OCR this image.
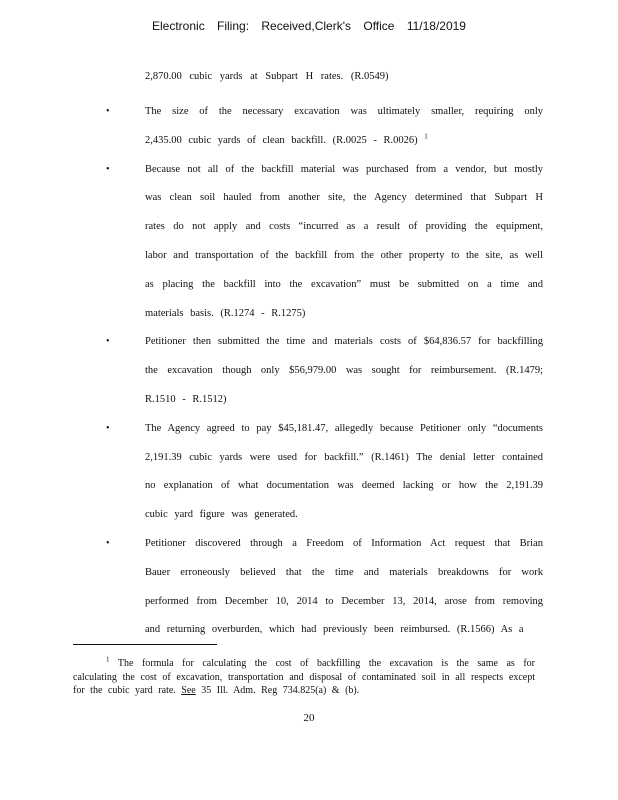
Electronic Filing: Received,Clerk's Office 11/18/2019
2,870.00 cubic yards at Subpart H rates. (R.0549)
•	The size of the necessary excavation was ultimately smaller, requiring only 2,435.00 cubic yards of clean backfill. (R.0025 - R.0026) $^1$
•	Because not all of the backfill material was purchased from a vendor, but mostly was clean soil hauled from another site, the Agency determined that Subpart H rates do not apply and costs “incurred as a result of providing the equipment, labor and transportation of the backfill from the other property to the site, as well as placing the backfill into the excavation” must be submitted on a time and materials basis. (R.1274 - R.1275)
•	Petitioner then submitted the time and materials costs of $64,836.57 for backfilling the excavation though only $56,979.00 was sought for reimbursement. (R.1479; R.1510 - R.1512)
•	The Agency agreed to pay $45,181.47, allegedly because Petitioner only “documents 2,191.39 cubic yards were used for backfill.” (R.1461) The denial letter contained no explanation of what documentation was deemed lacking or how the 2,191.39 cubic yard figure was generated.
•	Petitioner discovered through a Freedom of Information Act request that Brian Bauer erroneously believed that the time and materials breakdowns for work performed from December 10, 2014 to December 13, 2014, arose from removing and returning overburden, which had previously been reimbursed. (R.1566) As a
$^1$ The formula for calculating the cost of backfilling the excavation is the same as for calculating the cost of excavation, transportation and disposal of contaminated soil in all respects except for the cubic yard rate. See 35 Ill. Adm. Reg 734.825(a) & (b).
20
